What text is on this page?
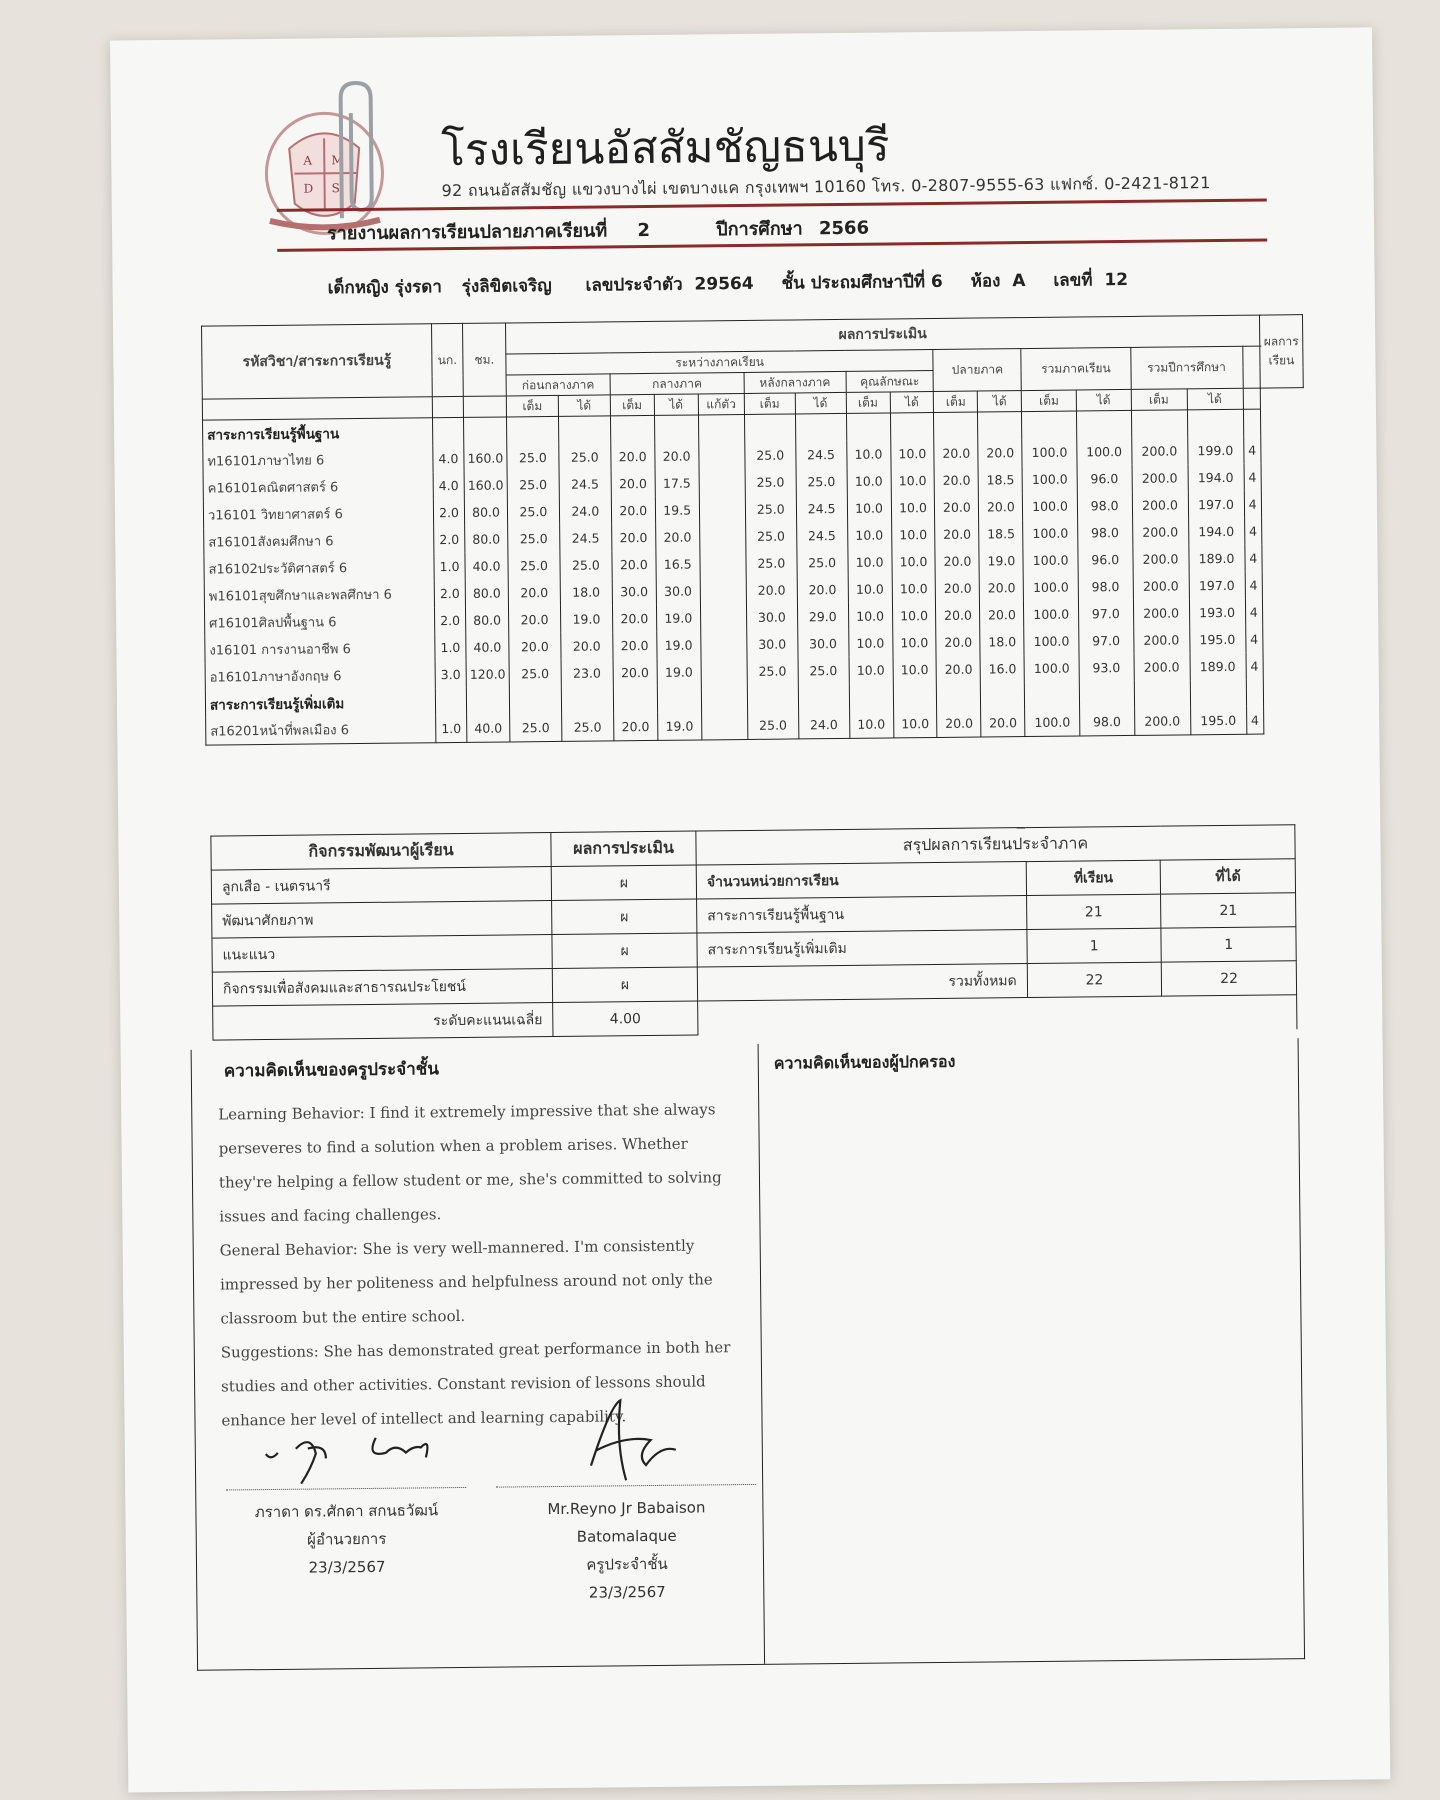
A M
D S
โรงเรียนอัสสัมชัญธนบุรี
92 ถนนอัสสัมชัญ แขวงบางไผ่ เขตบางแค กรุงเทพฯ 10160 โทร. 0-2807-9555-63 แฟกซ์. 0-2421-8121
รายงานผลการเรียนปลายภาคเรียนที่ 2	ปีการศึกษา 2566
เด็กหญิง รุ่งรดา รุ่งลิขิตเจริญ เลขประจำตัว 29564 ชั้น ประถมศึกษาปีที่ 6 ห้อง A เลขที่ 12
รหัสวิชา/สาระการเรียนรู้	นก.	ชม.	ผลการประเมิน																ผลการเรียน
			ระหว่างภาคเรียน									ปลายภาค		รวมภาคเรียน		รวมปีการศึกษา			
			ก่อนกลางภาค		กลางภาค			หลังกลางภาค		คุณลักษณะ									
			เต็ม	ได้	เต็ม	ได้	แก้ตัว	เต็ม	ได้	เต็ม	ได้	เต็ม	ได้	เต็ม	ได้	เต็ม	ได้		
สาระการเรียนรู้พื้นฐาน																			
ท16101ภาษาไทย 6	4.0	160.0	25.0	25.0	20.0	20.0		25.0	24.5	10.0	10.0	20.0	20.0	100.0	100.0	200.0	199.0	4	
ค16101คณิตศาสตร์ 6	4.0	160.0	25.0	24.5	20.0	17.5		25.0	25.0	10.0	10.0	20.0	18.5	100.0	96.0	200.0	194.0	4	
ว16101 วิทยาศาสตร์ 6	2.0	80.0	25.0	24.0	20.0	19.5		25.0	24.5	10.0	10.0	20.0	20.0	100.0	98.0	200.0	197.0	4	
ส16101สังคมศึกษา 6	2.0	80.0	25.0	24.5	20.0	20.0		25.0	24.5	10.0	10.0	20.0	18.5	100.0	98.0	200.0	194.0	4	
ส16102ประวัติศาสตร์ 6	1.0	40.0	25.0	25.0	20.0	16.5		25.0	25.0	10.0	10.0	20.0	19.0	100.0	96.0	200.0	189.0	4	
พ16101สุขศึกษาและพลศึกษา 6	2.0	80.0	20.0	18.0	30.0	30.0		20.0	20.0	10.0	10.0	20.0	20.0	100.0	98.0	200.0	197.0	4	
ศ16101ศิลปพื้นฐาน 6	2.0	80.0	20.0	19.0	20.0	19.0		30.0	29.0	10.0	10.0	20.0	20.0	100.0	97.0	200.0	193.0	4	
ง16101 การงานอาชีพ 6	1.0	40.0	20.0	20.0	20.0	19.0		30.0	30.0	10.0	10.0	20.0	18.0	100.0	97.0	200.0	195.0	4	
อ16101ภาษาอังกฤษ 6	3.0	120.0	25.0	23.0	20.0	19.0		25.0	25.0	10.0	10.0	20.0	16.0	100.0	93.0	200.0	189.0	4	
สาระการเรียนรู้เพิ่มเติม																			
ส16201หน้าที่พลเมือง 6	1.0	40.0	25.0	25.0	20.0	19.0		25.0	24.0	10.0	10.0	20.0	20.0	100.0	98.0	200.0	195.0	4	
กิจกรรมพัฒนาผู้เรียน	ผลการประเมิน	สรุปผลการเรียนประจำภาค		
ลูกเสือ - เนตรนารี	ผ	จำนวนหน่วยการเรียน	ที่เรียน	ที่ได้
พัฒนาศักยภาพ	ผ	สาระการเรียนรู้พื้นฐาน	21	21
แนะแนว	ผ	สาระการเรียนรู้เพิ่มเติม	1	1
กิจกรรมเพื่อสังคมและสาธารณประโยชน์	ผ	รวมทั้งหมด	22	22
ระดับคะแนนเฉลี่ย	4.00			
ความคิดเห็นของครูประจำชั้น

Learning Behavior: I find it extremely impressive that she always perseveres to find a solution when a problem arises. Whether they're helping a fellow student or me, she's committed to solving issues and facing challenges.

General Behavior: She is very well-mannered. I'm consistently impressed by her politeness and helpfulness around not only the classroom but the entire school.

Suggestions: She has demonstrated great performance in both her studies and other activities. Constant revision of lessons should enhance her level of intellect and learning capability.

ภราดา ดร.ศักดา สกนธวัฒน์
ผู้อำนวยการ
23/3/2567
Mr.Reyno Jr Babaison Batomalaque
ครูประจำชั้น
23/3/2567
ความคิดเห็นของผู้ปกครอง
